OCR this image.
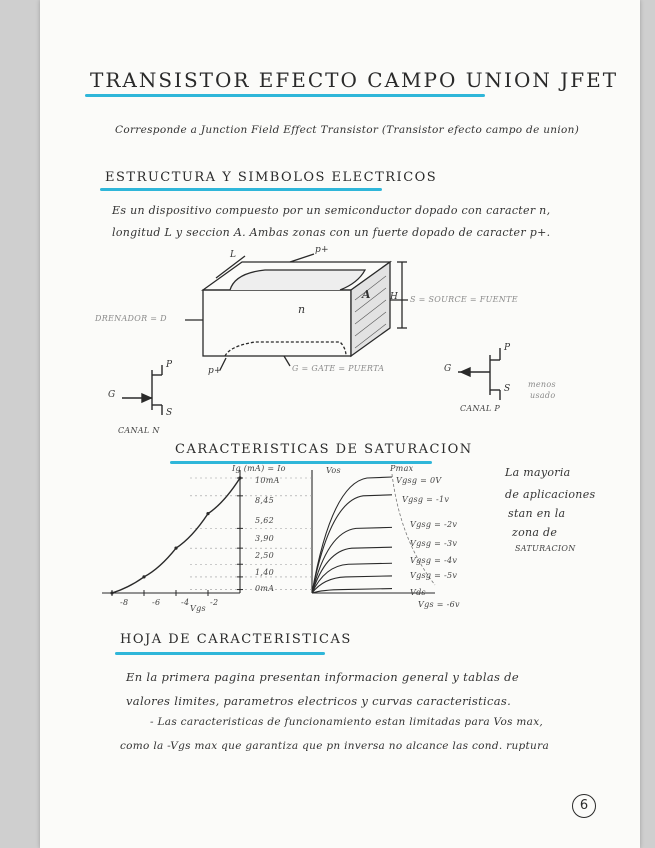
TRANSISTOR EFECTO CAMPO UNION JFET
Corresponde a Junction Field Effect Transistor (Transistor efecto campo de union)
ESTRUCTURA Y SIMBOLOS ELECTRICOS
Es un dispositivo compuesto por un semiconductor dopado con caracter n,
longitud L y seccion A. Ambas zonas con un fuerte dopado de caracter p+.
p+
p+
n
L
H
A
DRENADOR = D
S = SOURCE = FUENTE
G = GATE = PUERTA
G
P
S
CANAL N
G
P
S
CANAL P
menos
usado
CARACTERISTICAS DE SATURACION
La mayoria
de aplicaciones
stan en la
zona de
SATURACION
Ig (mA) = Io	Vos	Pmax
Vds
Vgs
-8	-6	-4	-2
10mA
8,45
5,62
3,90
2,50
1,40
0mA
Vgsg = 0V
Vgsg = -1v
Vgsg = -2v
Vgsg = -3v
Vgsg = -4v
Vgsg = -5v
Vgs = -6v
HOJA DE CARACTERISTICAS
En la primera pagina presentan informacion general y tablas de
valores limites, parametros electricos y curvas caracteristicas.
- Las caracteristicas de funcionamiento estan limitadas para Vos max,
como la -Vgs max que garantiza que pn inversa no alcance las cond. ruptura
6
